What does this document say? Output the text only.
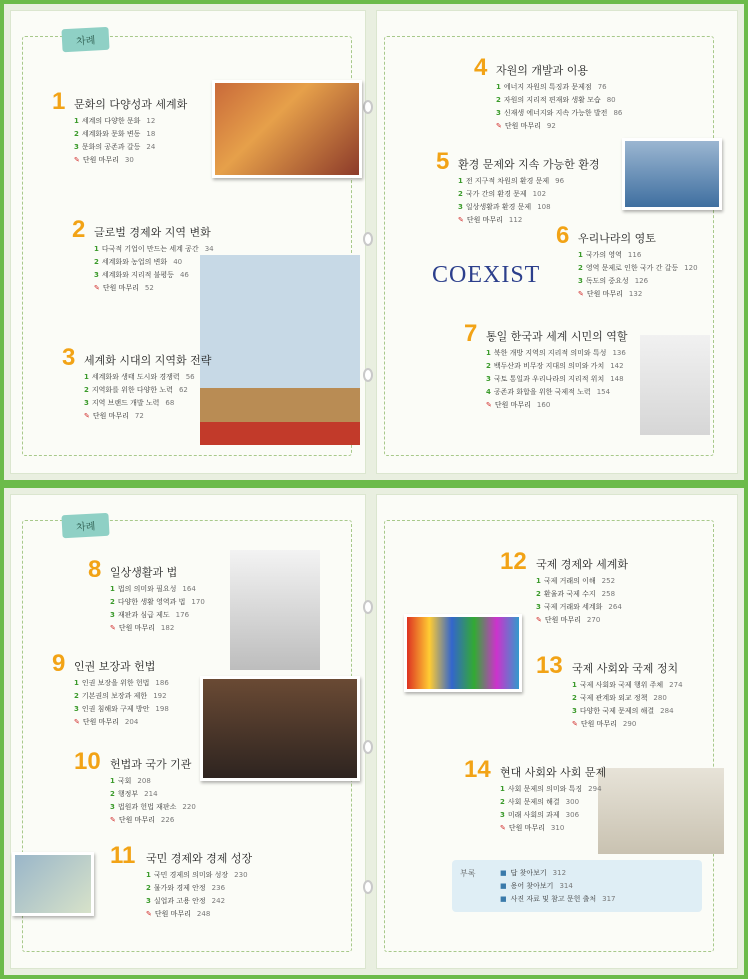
차례
차례
COEXIST
1 문화의 다양성과 세계화
1 세계의 다양한 문화 12
2 세계화와 문화 변동 18
3 문화의 공존과 갈등 24
✎ 단원 마무리 30
2 글로벌 경제와 지역 변화
1 다국적 기업이 만드는 세계 공간 34
2 세계화와 농업의 변화 40
3 세계화와 지리적 불평등 46
✎ 단원 마무리 52
3 세계화 시대의 지역화 전략
1 세계화와 생태 도시와 경쟁력 56
2 지역화를 위한 다양한 노력 62
3 지역 브랜드 개발 노력 68
✎ 단원 마무리 72
4 자원의 개발과 이용
1 에너지 자원의 특징과 문제점 76
2 자원의 지리적 편재와 생활 모습 80
3 신재생 에너지와 지속 가능한 발전 86
✎ 단원 마무리 92
5 환경 문제와 지속 가능한 환경
1 전 지구적 차원의 환경 문제 96
2 국가 간의 환경 문제 102
3 일상생활과 환경 문제 108
✎ 단원 마무리 112
6 우리나라의 영토
1 국가의 영역 116
2 영역 문제로 인한 국가 간 갈등 120
3 독도의 중요성 126
✎ 단원 마무리 132
7 통일 한국과 세계 시민의 역할
1 북한 개방 지역의 지리적 의미와 특성 136
2 백두산과 비무장 지대의 의미와 가치 142
3 국토 통일과 우리나라의 지리적 위치 148
4 공존과 화합을 위한 국제적 노력 154
✎ 단원 마무리 160
8 일상생활과 법
1 법의 의미와 필요성 164
2 다양한 생활 영역과 법 170
3 재판과 심급 제도 176
✎ 단원 마무리 182
9 인권 보장과 헌법
1 인권 보장을 위한 헌법 186
2 기본권의 보장과 제한 192
3 인권 침해와 구제 방안 198
✎ 단원 마무리 204
10 헌법과 국가 기관
1 국회 208
2 행정부 214
3 법원과 헌법 재판소 220
✎ 단원 마무리 226
11 국민 경제와 경제 성장
1 국민 경제의 의미와 성장 230
2 물가와 경제 안정 236
3 실업과 고용 안정 242
✎ 단원 마무리 248
12 국제 경제와 세계화
1 국제 거래의 이해 252
2 환율과 국제 수지 258
3 국제 거래와 세계화 264
✎ 단원 마무리 270
13 국제 사회와 국제 정치
1 국제 사회와 국제 행위 주체 274
2 국제 관계와 외교 정책 280
3 다양한 국제 문제의 해결 284
✎ 단원 마무리 290
14 현대 사회와 사회 문제
1 사회 문제의 의미와 특징 294
2 사회 문제의 해결 300
3 미래 사회의 과제 306
✎ 단원 마무리 310
부록	■ 답 찾아보기 312
■ 용어 찾아보기 314
■ 사진 자료 및 참고 문헌 출처 317
